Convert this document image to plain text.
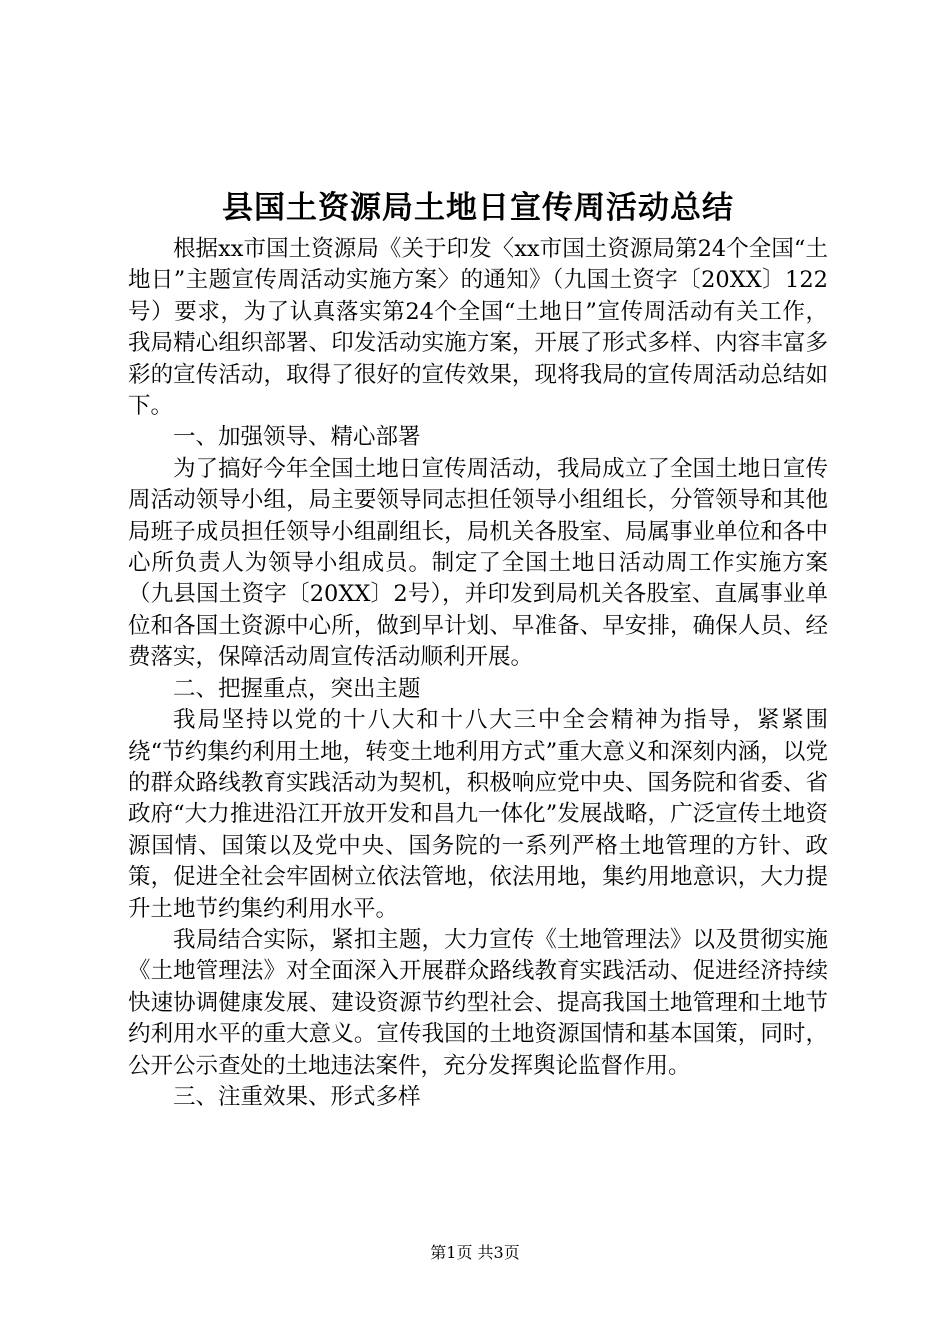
县国土资源局土地日宣传周活动总结

根据xx市国土资源局《关于印发〈xx市国土资源局第24个全国“土地日”主题宣传周活动实施方案〉的通知》（九国土资字〔20XX〕122号）要求，为了认真落实第24个全国“土地日”宣传周活动有关工作，我局精心组织部署、印发活动实施方案，开展了形式多样、内容丰富多彩的宣传活动，取得了很好的宣传效果，现将我局的宣传周活动总结如下。

一、加强领导、精心部署

为了搞好今年全国土地日宣传周活动，我局成立了全国土地日宣传周活动领导小组，局主要领导同志担任领导小组组长，分管领导和其他局班子成员担任领导小组副组长，局机关各股室、局属事业单位和各中心所负责人为领导小组成员。制定了全国土地日活动周工作实施方案（九县国土资字〔20XX〕2号），并印发到局机关各股室、直属事业单位和各国土资源中心所，做到早计划、早准备、早安排，确保人员、经费落实，保障活动周宣传活动顺利开展。

二、把握重点，突出主题

我局坚持以党的十八大和十八大三中全会精神为指导，紧紧围绕“节约集约利用土地，转变土地利用方式”重大意义和深刻内涵，以党的群众路线教育实践活动为契机，积极响应党中央、国务院和省委、省政府“大力推进沿江开放开发和昌九一体化”发展战略，广泛宣传土地资源国情、国策以及党中央、国务院的一系列严格土地管理的方针、政策，促进全社会牢固树立依法管地，依法用地，集约用地意识，大力提升土地节约集约利用水平。

我局结合实际，紧扣主题，大力宣传《土地管理法》以及贯彻实施《土地管理法》对全面深入开展群众路线教育实践活动、促进经济持续快速协调健康发展、建设资源节约型社会、提高我国土地管理和土地节约利用水平的重大意义。宣传我国的土地资源国情和基本国策，同时，公开公示查处的土地违法案件，充分发挥舆论监督作用。

三、注重效果、形式多样

第1页 共3页
